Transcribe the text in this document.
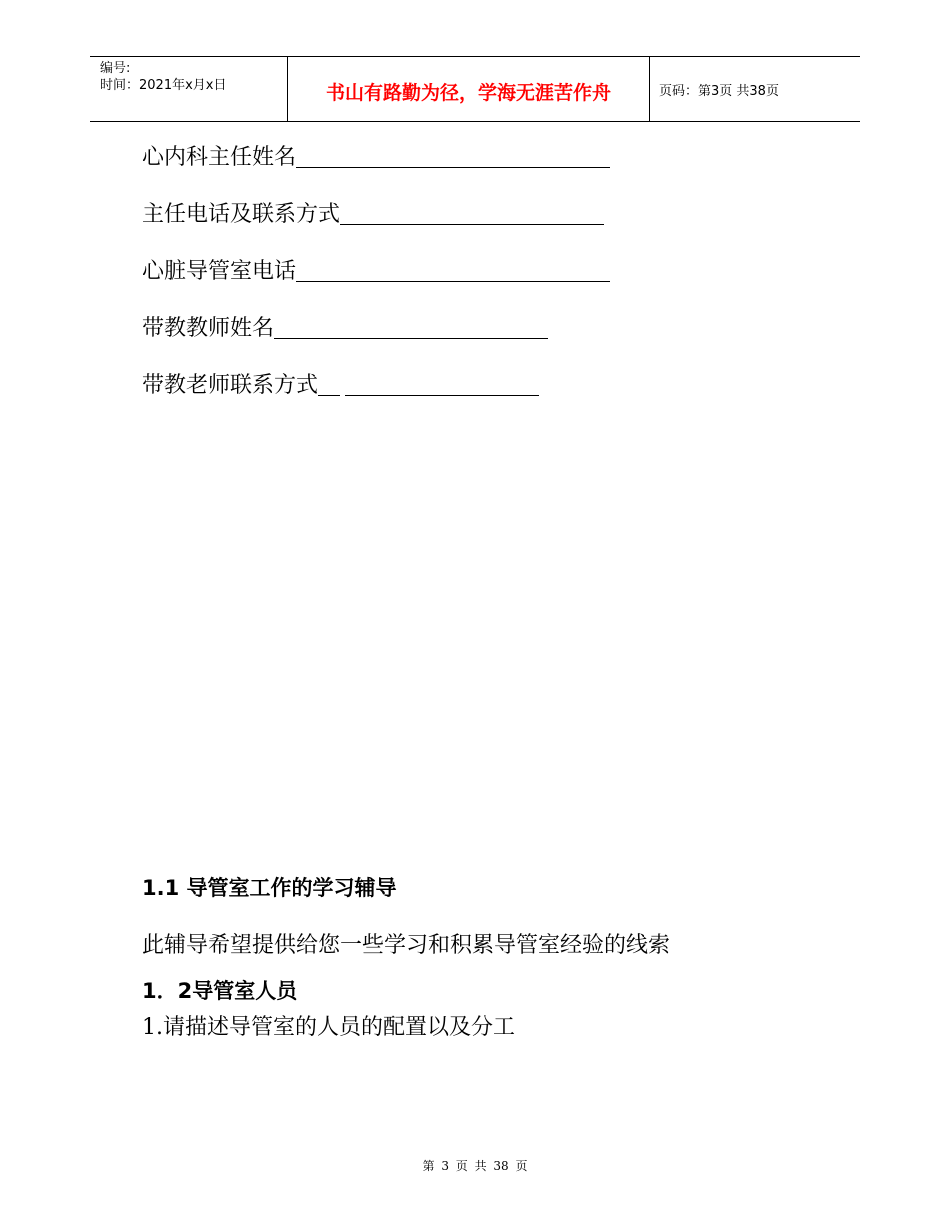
编号:
时间：2021年x月x日	书山有路勤为径，学海无涯苦作舟	页码：第3页 共38页
心内科主任姓名
主任电话及联系方式
心脏导管室电话
带教教师姓名
带教老师联系方式
1.1 导管室工作的学习辅导
此辅导希望提供给您一些学习和积累导管室经验的线索
1．2导管室人员
1.请描述导管室的人员的配置以及分工
第 3 页 共 38 页
